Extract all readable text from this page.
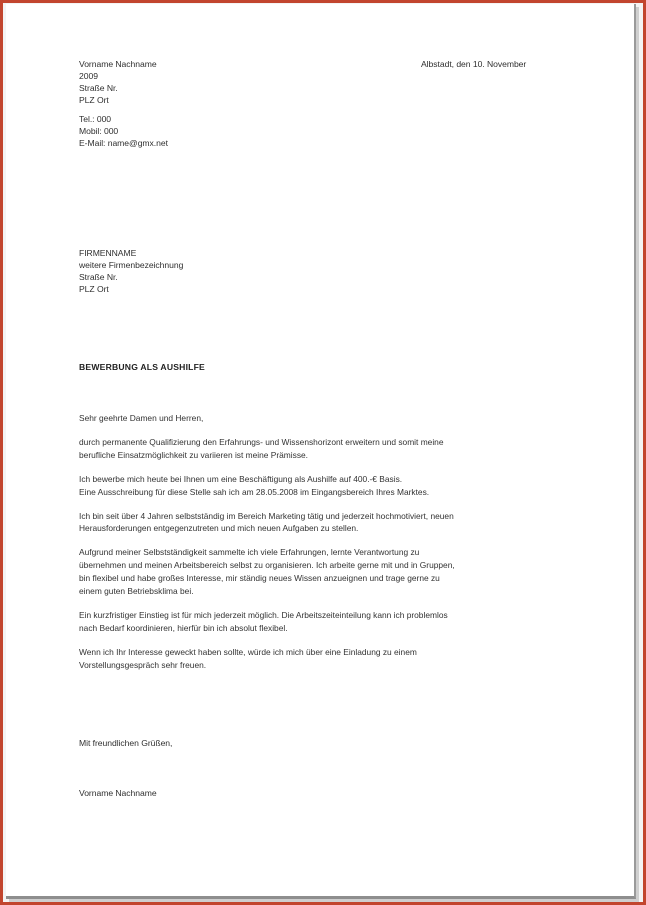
Vorname Nachname
2009
Straße Nr.
PLZ Ort
Tel.: 000
Mobil: 000
E-Mail: name@gmx.net
Albstadt, den 10. November
FIRMENNAME
weitere Firmenbezeichnung
Straße Nr.
PLZ Ort
BEWERBUNG ALS AUSHILFE

Sehr geehrte Damen und Herren,

durch permanente Qualifizierung den Erfahrungs- und Wissenshorizont erweitern und somit meine
berufliche Einsatzmöglichkeit zu variieren ist meine Prämisse.

Ich bewerbe mich heute bei Ihnen um eine Beschäftigung als Aushilfe auf 400.-€ Basis.
Eine Ausschreibung für diese Stelle sah ich am 28.05.2008 im Eingangsbereich Ihres Marktes.

Ich bin seit über 4 Jahren selbstständig im Bereich Marketing tätig und jederzeit hochmotiviert, neuen
Herausforderungen entgegenzutreten und mich neuen Aufgaben zu stellen.

Aufgrund meiner Selbstständigkeit sammelte ich viele Erfahrungen, lernte Verantwortung zu
übernehmen und meinen Arbeitsbereich selbst zu organisieren. Ich arbeite gerne mit und in Gruppen,
bin flexibel und habe großes Interesse, mir ständig neues Wissen anzueignen und trage gerne zu
einem guten Betriebsklima bei.

Ein kurzfristiger Einstieg ist für mich jederzeit möglich. Die Arbeitszeiteinteilung kann ich problemlos
nach Bedarf koordinieren, hierfür bin ich absolut flexibel.

Wenn ich Ihr Interesse geweckt haben sollte, würde ich mich über eine Einladung zu einem
Vorstellungsgespräch sehr freuen.

Mit freundlichen Grüßen,
Vorname Nachname
